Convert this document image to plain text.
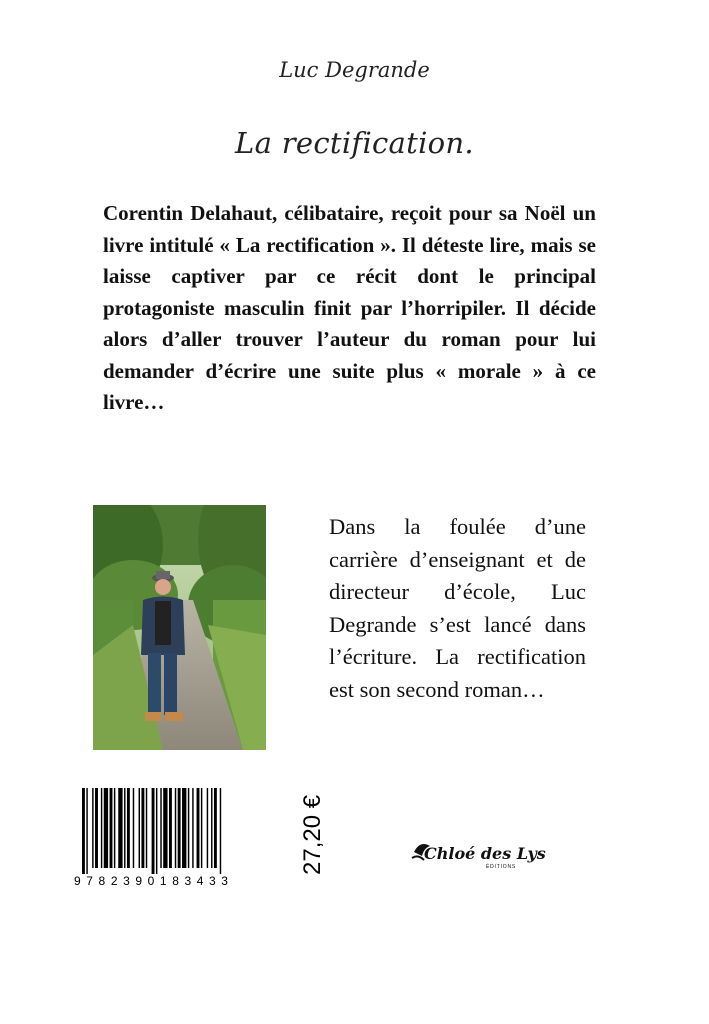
Luc Degrande
La rectification.
Corentin Delahaut, célibataire, reçoit pour sa Noël un livre intitulé « La rectification ». Il déteste lire, mais se laisse captiver par ce récit dont le principal protagoniste masculin finit par l’horripiler. Il décide alors d’aller trouver l’auteur du roman pour lui demander d’écrire une suite plus « morale » à ce livre…
Dans la foulée d’une carrière d’enseignant et de directeur d’école, Luc Degrande s’est lancé dans l’écriture. La rectification est son second roman…
9782390183433
27,20 €	Chloé des Lys
ÉDITIONS
